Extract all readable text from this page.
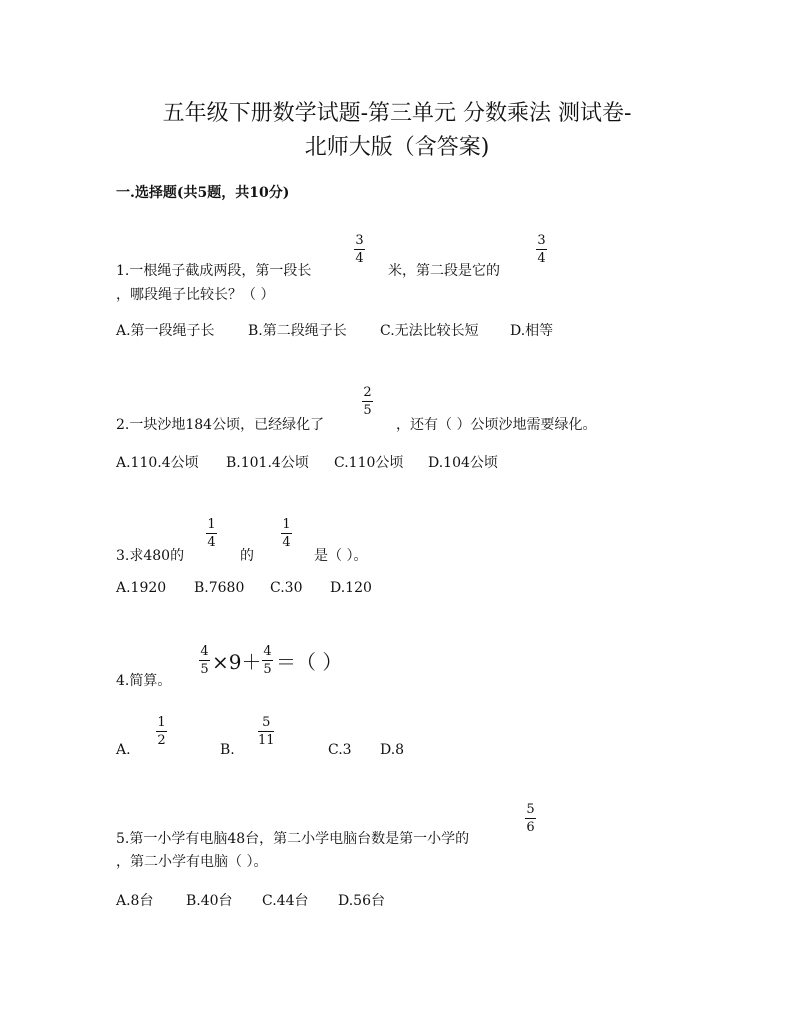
五年级下册数学试题-第三单元 分数乘法 测试卷-
北师大版（含答案)
一.选择题(共5题，共10分)
1.一根绳子截成两段，第一段长
3
4
米，第二段是它的
3
4
，哪段绳子比较长？（ ）
A.第一段绳子长 B.第二段绳子长 C.无法比较长短 D.相等
2.一块沙地184公顷，已经绿化了
2
5
，还有（ ）公顷沙地需要绿化。
A.110.4公顷 B.101.4公顷 C.110公顷 D.104公顷
3.求480的
1
4
的
1
4
是（ ）。
A.1920 B.7680 C.30 D.120
4
5 ×9＋ 4
5 ＝（ ）
4.简算。
A.
1
2
B.
5
11
C.3 D.8
5.第一小学有电脑48台，第二小学电脑台数是第一小学的
5
6
，第二小学有电脑（ ）。
A.8台 B.40台 C.44台 D.56台
